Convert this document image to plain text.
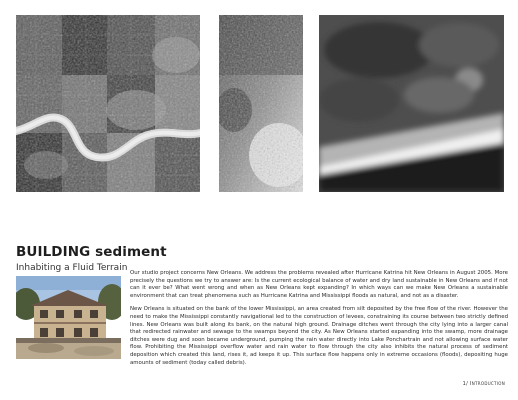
BUILDING sediment
Inhabiting a Fluid Terrain Our studio project concerns New Orleans. We address the problems revealed after Hurricane Katrina hit New Orleans in August 2005. More precisely the questions we try to answer are: Is the current ecological balance of water and dry land sustainable in New Orleans and if not can it ever be? What went wrong and when as New Orleans kept expanding? In which ways can we make New Orleans a sustainable environment that can treat phenomena such as Hurricane Katrina and Mississippi floods as natural, and not as a disaster.

New Orleans is situated on the bank of the lower Mississippi, an area created from silt deposited by the free flow of the river. However the need to make the Mississippi constantly navigational led to the construction of levees, constraining its course between two strictly defined lines. New Orleans was built along its bank, on the natural high ground. Drainage ditches went through the city lying into a larger canal that redirected rainwater and sewage to the swamps beyond the city. As New Orleans started expanding into the swamp, more drainage ditches were dug and soon became underground, pumping the rain water directly into Lake Ponchartrain and not allowing surface water flow. Prohibiting the Mississippi overflow water and rain water to flow through the city also inhibits the natural process of sediment deposition which created this land, rises it, ad keeps it up. This surface flow happens only in extreme occasions (floods), depositing huge amounts of sediment (today called debris).

1/ Introduction
